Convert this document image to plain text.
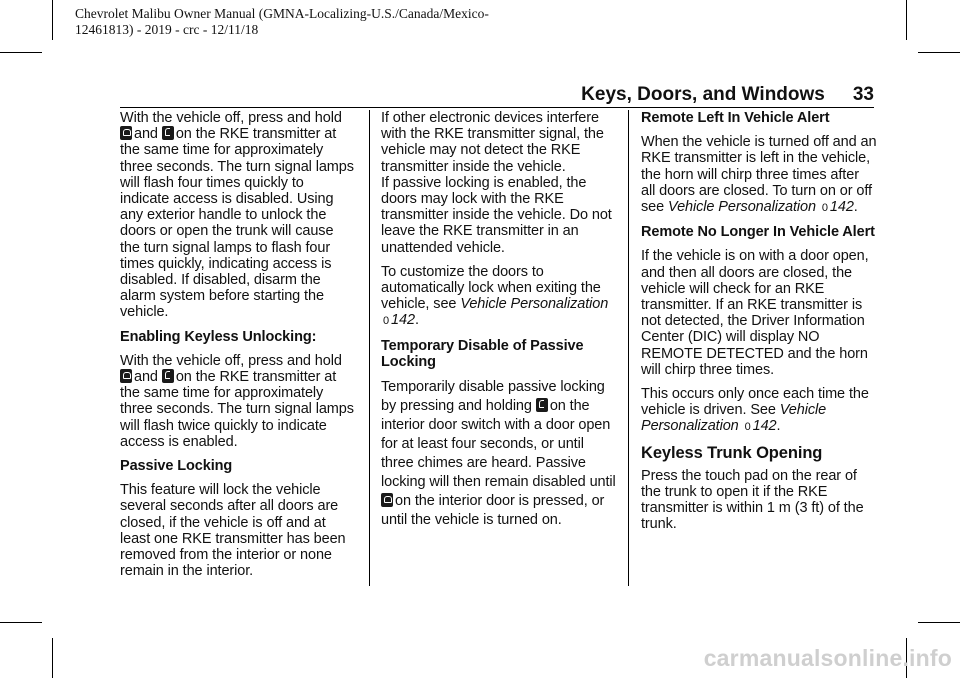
Chevrolet Malibu Owner Manual (GMNA-Localizing-U.S./Canada/Mexico-
12461813) - 2019 - crc - 12/11/18
Keys, Doors, and Windows 33

With the vehicle off, press and hold and on the RKE transmitter at the same time for approximately three seconds. The turn signal lamps will flash four times quickly to indicate access is disabled. Using any exterior handle to unlock the doors or open the trunk will cause the turn signal lamps to flash four times quickly, indicating access is disabled. If disabled, disarm the alarm system before starting the vehicle.

Enabling Keyless Unlocking:

With the vehicle off, press and hold and on the RKE transmitter at the same time for approximately three seconds. The turn signal lamps will flash twice quickly to indicate access is enabled.

Passive Locking

This feature will lock the vehicle several seconds after all doors are closed, if the vehicle is off and at least one RKE transmitter has been removed from the interior or none remain in the interior.

If other electronic devices interfere with the RKE transmitter signal, the vehicle may not detect the RKE transmitter inside the vehicle.

If passive locking is enabled, the doors may lock with the RKE transmitter inside the vehicle. Do not leave the RKE transmitter in an unattended vehicle.

To customize the doors to automatically lock when exiting the vehicle, see Vehicle Personalization 0 142.

Temporary Disable of Passive Locking

Temporarily disable passive locking by pressing and holding on the interior door switch with a door open for at least four seconds, or until three chimes are heard. Passive locking will then remain disabled until on the interior door is pressed, or until the vehicle is turned on.

Remote Left In Vehicle Alert

When the vehicle is turned off and an RKE transmitter is left in the vehicle, the horn will chirp three times after all doors are closed. To turn on or off see Vehicle Personalization 0 142.

Remote No Longer In Vehicle Alert

If the vehicle is on with a door open, and then all doors are closed, the vehicle will check for an RKE transmitter. If an RKE transmitter is not detected, the Driver Information Center (DIC) will display NO REMOTE DETECTED and the horn will chirp three times.

This occurs only once each time the vehicle is driven. See Vehicle Personalization 0 142.

Keyless Trunk Opening

Press the touch pad on the rear of the trunk to open it if the RKE transmitter is within 1 m (3 ft) of the trunk.

carmanualsonline.info
